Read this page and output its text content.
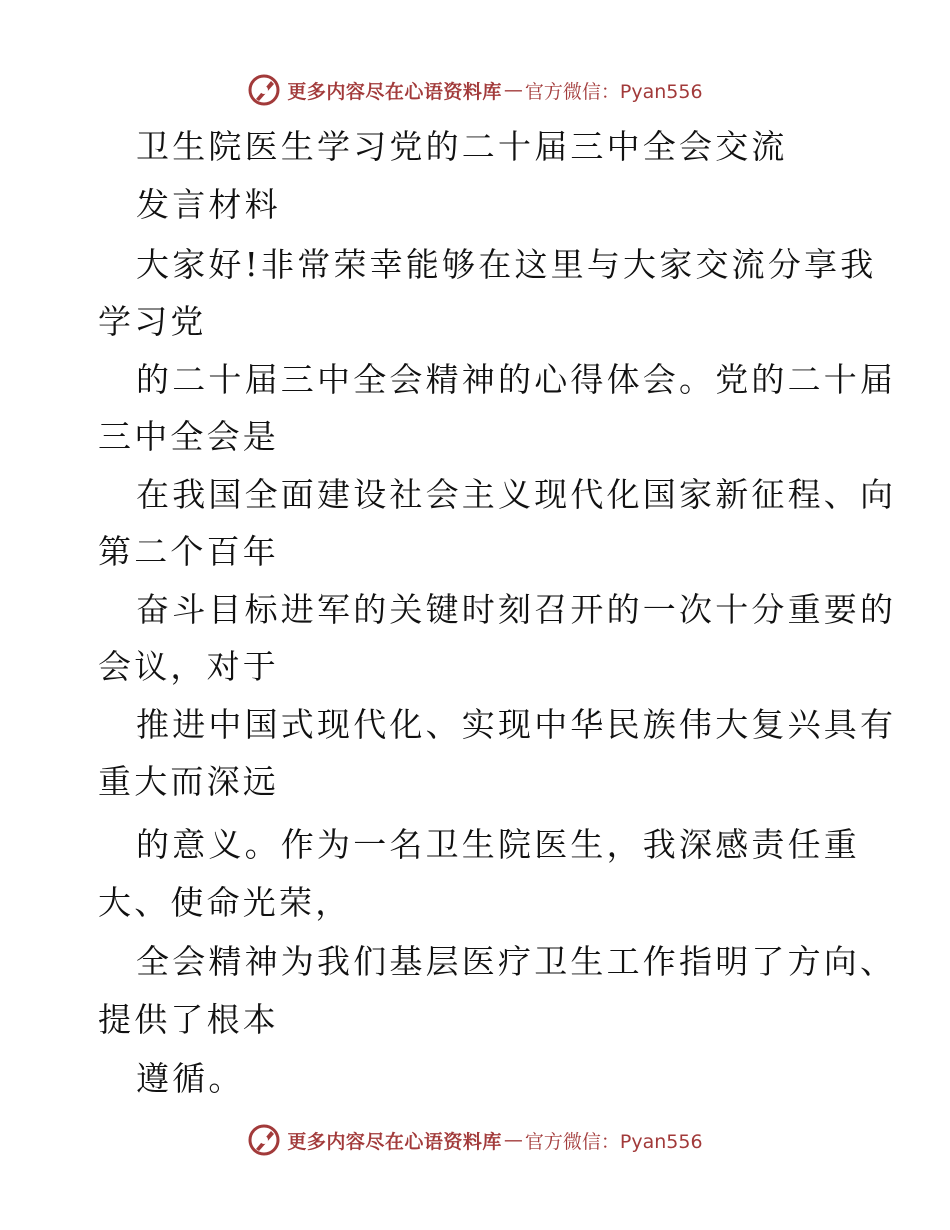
更多内容尽在心语资料库 — 官方微信：Pyan556
卫生院医生学习党的二十届三中全会交流
发言材料
大家好!非常荣幸能够在这里与大家交流分享我
学习党
的二十届三中全会精神的心得体会。党的二十届
三中全会是
在我国全面建设社会主义现代化国家新征程、向
第二个百年
奋斗目标进军的关键时刻召开的一次十分重要的
会议，对于
推进中国式现代化、实现中华民族伟大复兴具有
重大而深远
的意义。作为一名卫生院医生，我深感责任重
大、使命光荣，
全会精神为我们基层医疗卫生工作指明了方向、
提供了根本
遵循。
更多内容尽在心语资料库 — 官方微信：Pyan556
